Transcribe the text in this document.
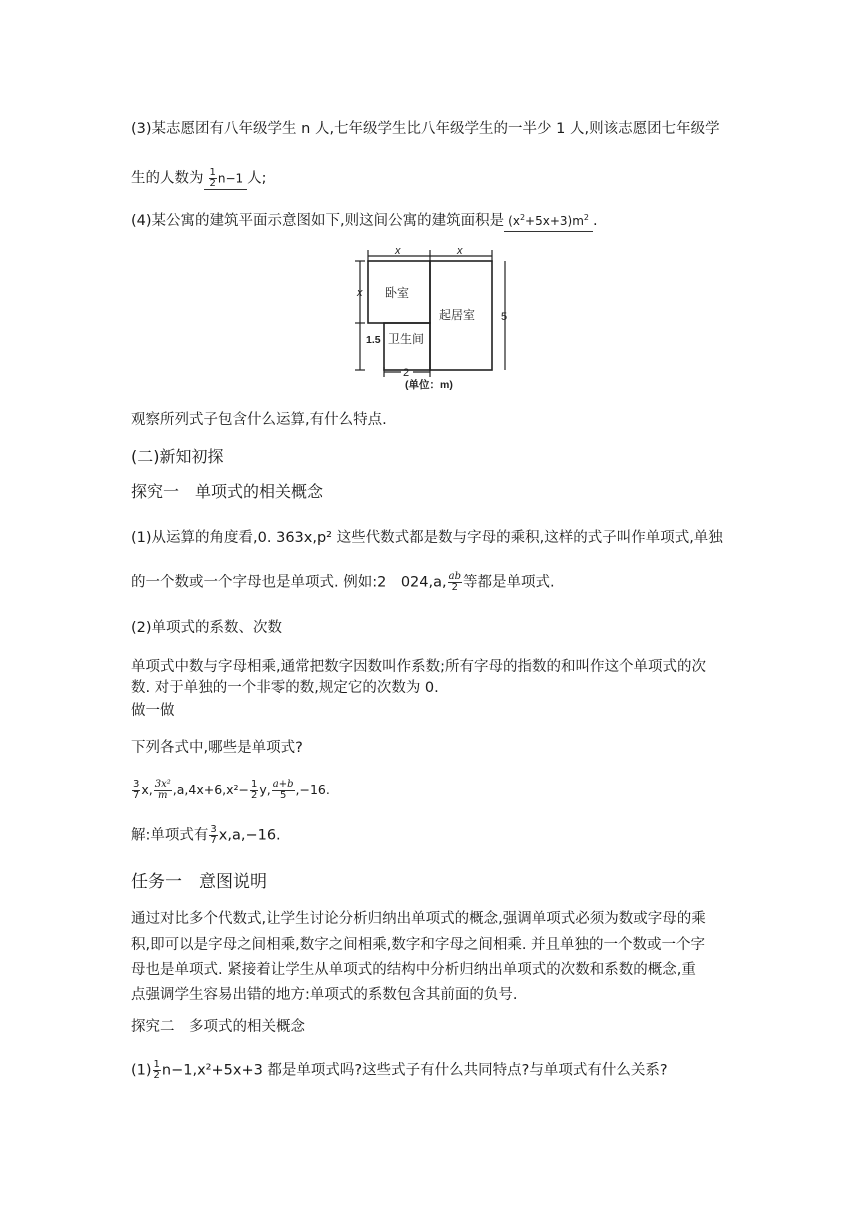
(3)某志愿团有八年级学生 n 人,七年级学生比八年级学生的一半少 1 人,则该志愿团七年级学
生的人数为 $\frac{1}{2} n-1$ 人;
(4)某公寓的建筑平面示意图如下,则这间公寓的建筑面积是 $(x^2+5x+3)m^2$ .
x	x
x
1.5
卧室
起居室
卫生间
5
2
(单位：m)
观察所列式子包含什么运算,有什么特点.
(二)新知初探
探究一　单项式的相关概念
(1)从运算的角度看,0. 363x,p² 这些代数式都是数与字母的乘积,这样的式子叫作单项式,单独
的一个数或一个字母也是单项式. 例如:2　024,a, $\frac{ab}{2}$ 等都是单项式.
(2)单项式的系数、次数
单项式中数与字母相乘,通常把数字因数叫作系数;所有字母的指数的和叫作这个单项式的次
数. 对于单独的一个非零的数,规定它的次数为 0.
做一做
下列各式中,哪些是单项式?
$\frac{3}{7} x$, $\frac{\text{3x²}}{m} ,a,4x+6,x^2- \frac{1}{2} y$, $\frac{a+b}{5} ,-16$.
解:单项式有 $\frac{3}{7} x,a,-16$.
任务一　意图说明
通过对比多个代数式,让学生讨论分析归纳出单项式的概念,强调单项式必须为数或字母的乘
积,即可以是字母之间相乘,数字之间相乘,数字和字母之间相乘. 并且单独的一个数或一个字
母也是单项式. 紧接着让学生从单项式的结构中分析归纳出单项式的次数和系数的概念,重
点强调学生容易出错的地方:单项式的系数包含其前面的负号.
探究二　多项式的相关概念
$(1) \frac{1}{2} n-1,x^2+5x+3$ 都是单项式吗?这些式子有什么共同特点?与单项式有什么关系?
